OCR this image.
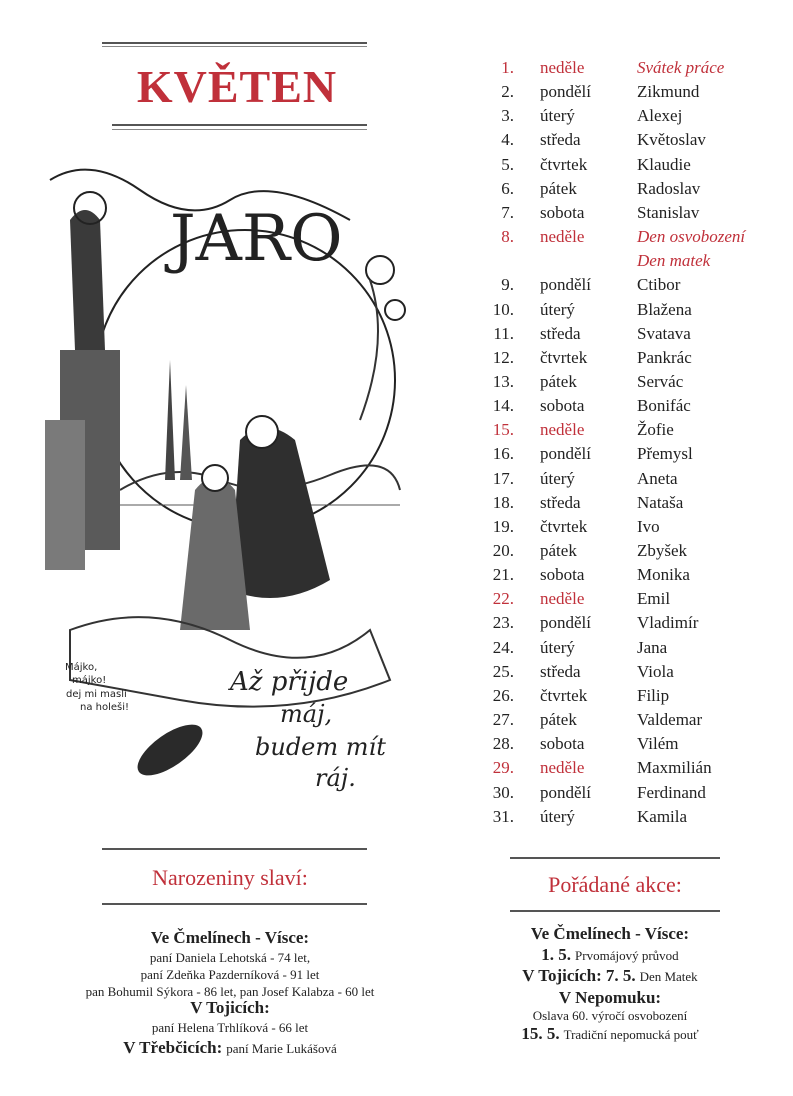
KVĚTEN
JARO
Až přijde
máj,
budem mít
ráj.
Májko,
májko!
dej mi masli
na holeši!
1. neděle	Svátek práce
2. pondělí	Zikmund
3. úterý	Alexej
4. středa	Květoslav
5. čtvrtek	Klaudie
6. pátek	Radoslav
7. sobota	Stanislav
8. neděle	Den osvobození
Den matek
9. pondělí	Ctibor
10. úterý	Blažena
11. středa	Svatava
12. čtvrtek	Pankrác
13. pátek	Servác
14. sobota	Bonifác
15. neděle	Žofie
16. pondělí	Přemysl
17. úterý	Aneta
18. středa	Nataša
19. čtvrtek	Ivo
20. pátek	Zbyšek
21. sobota	Monika
22. neděle	Emil
23. pondělí	Vladimír
24. úterý	Jana
25. středa	Viola
26. čtvrtek	Filip
27. pátek	Valdemar
28. sobota	Vilém
29. neděle	Maxmilián
30. pondělí	Ferdinand
31. úterý	Kamila
Narozeniny slaví:
Ve Čmelínech - Vísce:
paní Daniela Lehotská - 74 let,
paní Zdeňka Pazderníková - 91 let
pan Bohumil Sýkora - 86 let, pan Josef Kalabza - 60 let
V Tojicích:
paní Helena Trhlíková - 66 let
V Třebčicích: paní Marie Lukášová
Pořádané akce:
Ve Čmelínech - Vísce:
1. 5. Prvomájový průvod
V Tojicích: 7. 5. Den Matek
V Nepomuku:
Oslava 60. výročí osvobození
15. 5. Tradiční nepomucká pouť
